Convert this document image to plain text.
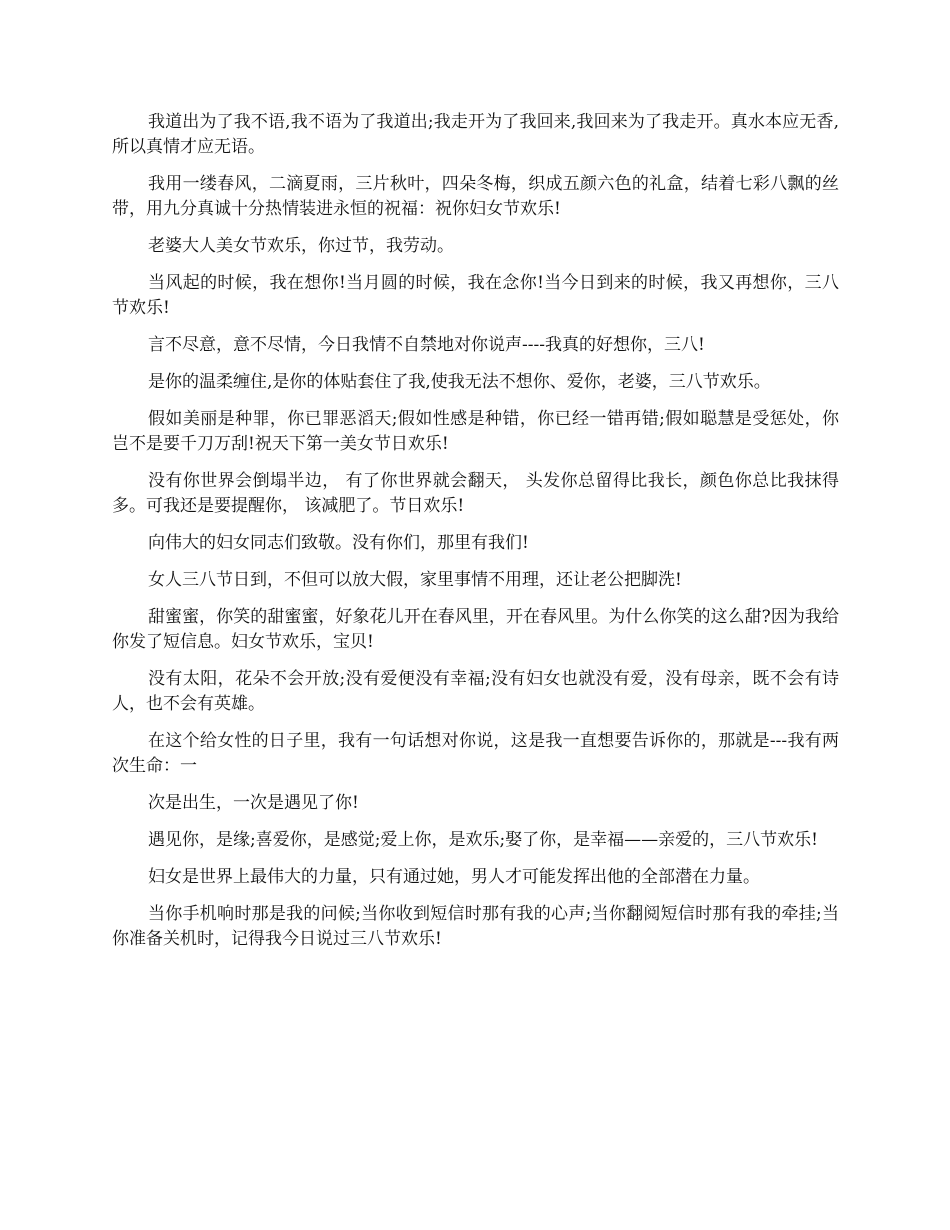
我道出为了我不语,我不语为了我道出;我走开为了我回来,我回来为了我走开。真水本应无香,所以真情才应无语。

我用一缕春风，二滴夏雨，三片秋叶，四朵冬梅，织成五颜六色的礼盒，结着七彩八飘的丝带，用九分真诚十分热情装进永恒的祝福：祝你妇女节欢乐!

老婆大人美女节欢乐，你过节，我劳动。

当风起的时候，我在想你!当月圆的时候，我在念你!当今日到来的时候，我又再想你，三八节欢乐!

言不尽意，意不尽情，今日我情不自禁地对你说声----我真的好想你，三八!

是你的温柔缠住,是你的体贴套住了我,使我无法不想你、爱你，老婆，三八节欢乐。

假如美丽是种罪，你已罪恶滔天;假如性感是种错，你已经一错再错;假如聪慧是受惩处，你岂不是要千刀万刮!祝天下第一美女节日欢乐!

没有你世界会倒塌半边， 有了你世界就会翻天， 头发你总留得比我长，颜色你总比我抹得多。可我还是要提醒你， 该减肥了。节日欢乐!

向伟大的妇女同志们致敬。没有你们，那里有我们!

女人三八节日到，不但可以放大假，家里事情不用理，还让老公把脚洗!

甜蜜蜜，你笑的甜蜜蜜，好象花儿开在春风里，开在春风里。为什么你笑的这么甜?因为我给你发了短信息。妇女节欢乐，宝贝!

没有太阳，花朵不会开放;没有爱便没有幸福;没有妇女也就没有爱，没有母亲，既不会有诗人，也不会有英雄。

在这个给女性的日子里，我有一句话想对你说，这是我一直想要告诉你的，那就是---我有两次生命：一

次是出生，一次是遇见了你!

遇见你，是缘;喜爱你，是感觉;爱上你，是欢乐;娶了你，是幸福——亲爱的，三八节欢乐!

妇女是世界上最伟大的力量，只有通过她，男人才可能发挥出他的全部潜在力量。

当你手机响时那是我的问候;当你收到短信时那有我的心声;当你翻阅短信时那有我的牵挂;当你准备关机时，记得我今日说过三八节欢乐!
